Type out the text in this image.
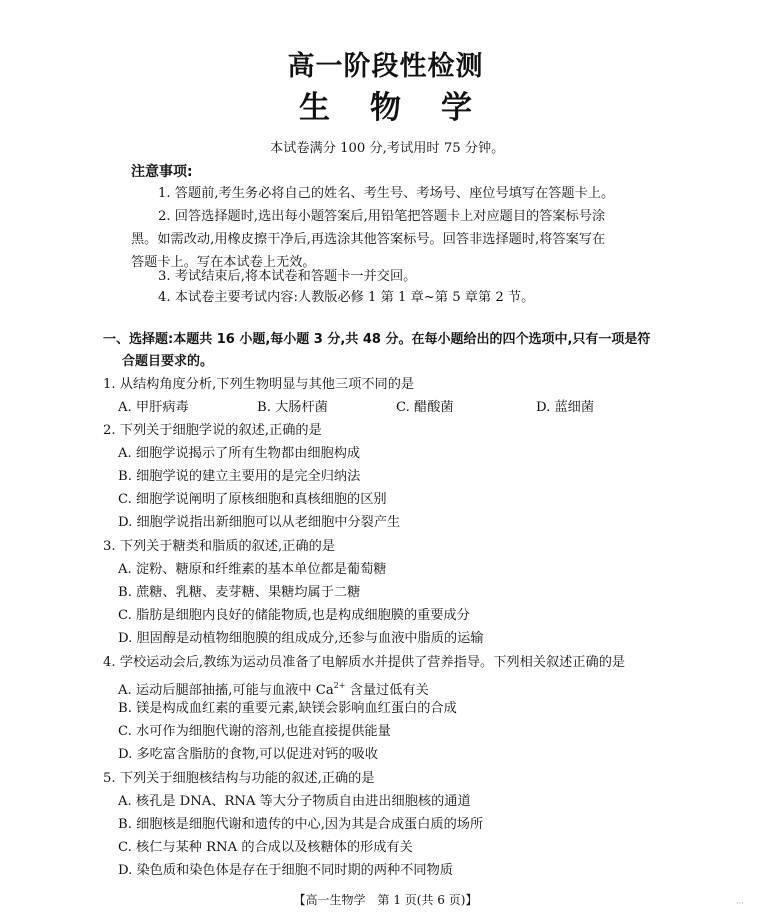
高一阶段性检测
生 物 学
本试卷满分 100 分,考试用时 75 分钟。
注意事项:
1. 答题前,考生务必将自己的姓名、考生号、考场号、座位号填写在答题卡上。
2. 回答选择题时,选出每小题答案后,用铅笔把答题卡上对应题目的答案标号涂
黑。如需改动,用橡皮擦干净后,再选涂其他答案标号。回答非选择题时,将答案写在
答题卡上。写在本试卷上无效。
3. 考试结束后,将本试卷和答题卡一并交回。
4. 本试卷主要考试内容:人教版必修 1 第 1 章~第 5 章第 2 节。
一、选择题:本题共 16 小题,每小题 3 分,共 48 分。在每小题给出的四个选项中,只有一项是符
合题目要求的。
1. 从结构角度分析,下列生物明显与其他三项不同的是
A. 甲肝病毒	B. 大肠杆菌	C. 醋酸菌	D. 蓝细菌
2. 下列关于细胞学说的叙述,正确的是
A. 细胞学说揭示了所有生物都由细胞构成
B. 细胞学说的建立主要用的是完全归纳法
C. 细胞学说阐明了原核细胞和真核细胞的区别
D. 细胞学说指出新细胞可以从老细胞中分裂产生
3. 下列关于糖类和脂质的叙述,正确的是
A. 淀粉、糖原和纤维素的基本单位都是葡萄糖
B. 蔗糖、乳糖、麦芽糖、果糖均属于二糖
C. 脂肪是细胞内良好的储能物质,也是构成细胞膜的重要成分
D. 胆固醇是动植物细胞膜的组成成分,还参与血液中脂质的运输
4. 学校运动会后,教练为运动员准备了电解质水并提供了营养指导。下列相关叙述正确的是
A. 运动后腿部抽搐,可能与血液中 $Ca^{2+}$ 含量过低有关
B. 镁是构成血红素的重要元素,缺镁会影响血红蛋白的合成
C. 水可作为细胞代谢的溶剂,也能直接提供能量
D. 多吃富含脂肪的食物,可以促进对钙的吸收
5. 下列关于细胞核结构与功能的叙述,正确的是
A. 核孔是 DNA、RNA 等大分子物质自由进出细胞核的通道
B. 细胞核是细胞代谢和遗传的中心,因为其是合成蛋白质的场所
C. 核仁与某种 RNA 的合成以及核糖体的形成有关
D. 染色质和染色体是存在于细胞不同时期的两种不同物质
【高一生物学　第 1 页(共 6 页)】	···
